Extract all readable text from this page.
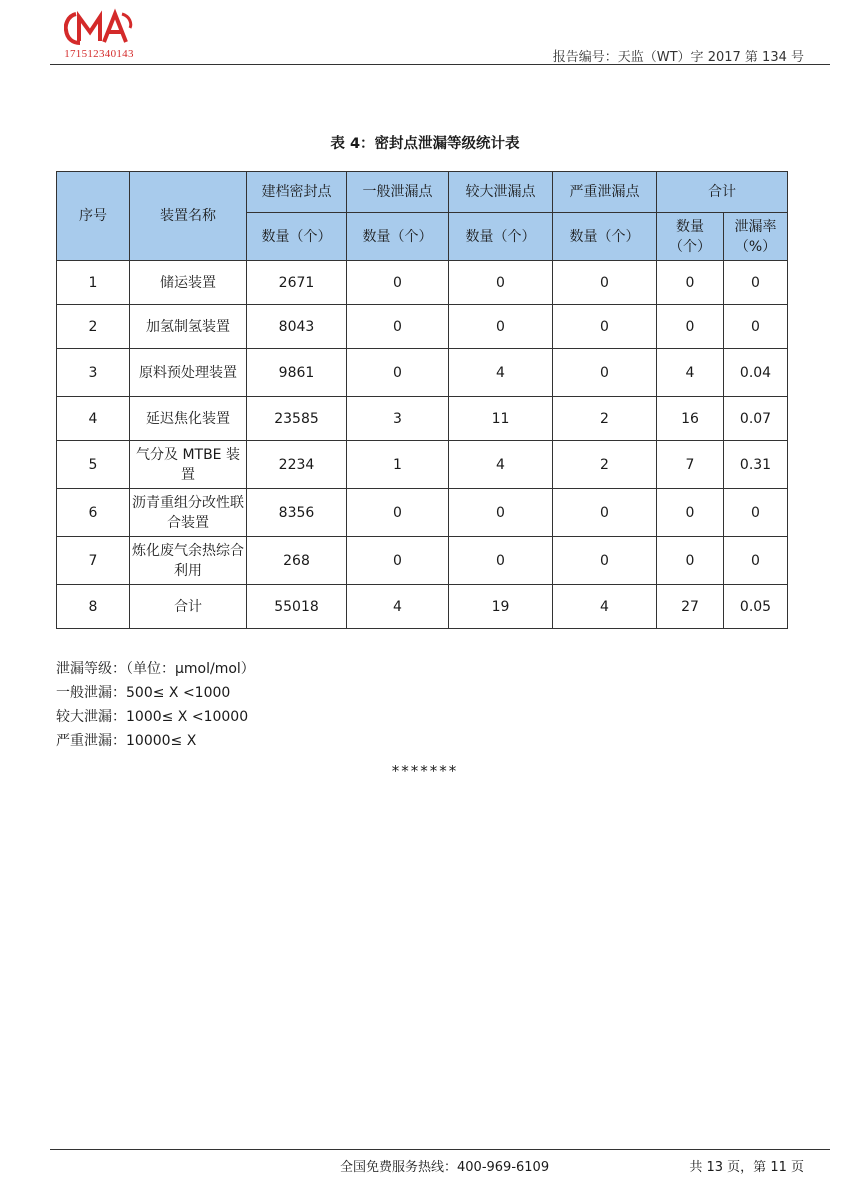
171512340143	报告编号：天监（WT）字 2017 第 134 号
表 4：密封点泄漏等级统计表
序号	装置名称	建档密封点	一般泄漏点	较大泄漏点	严重泄漏点	合计	
		数量（个）	数量（个）	数量（个）	数量（个）	数量（个）	泄漏率（%）
1	储运装置	2671	0	0	0	0	0
2	加氢制氢装置	8043	0	0	0	0	0
3	原料预处理装置	9861	0	4	0	4	0.04
4	延迟焦化装置	23585	3	11	2	16	0.07
5	气分及 MTBE 装置	2234	1	4	2	7	0.31
6	沥青重组分改性联合装置	8356	0	0	0	0	0
7	炼化废气余热综合利用	268	0	0	0	0	0
8	合计	55018	4	19	4	27	0.05
泄漏等级：（单位：μmol/mol）
一般泄漏：500≤ X <1000
较大泄漏：1000≤ X <10000
严重泄漏：10000≤ X
*******
全国免费服务热线：400-969-6109	共 13 页，第 11 页
